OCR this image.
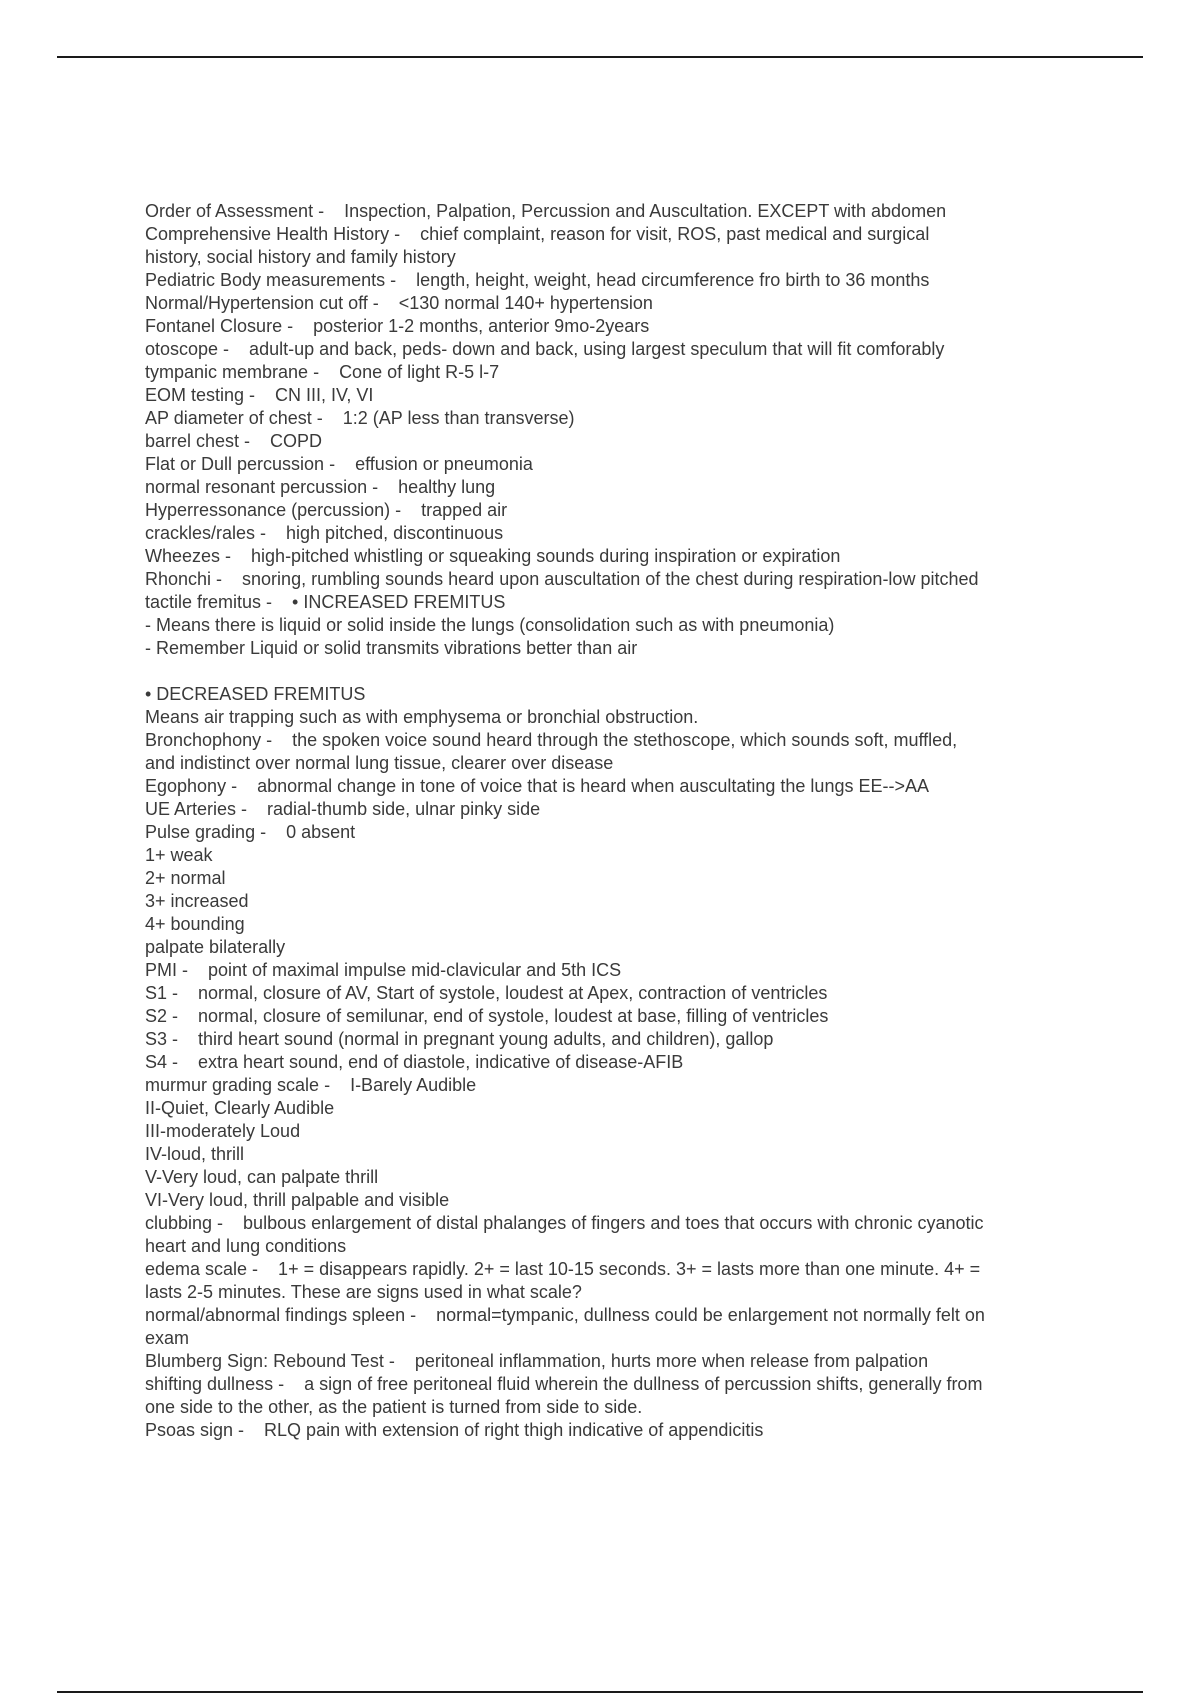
Order of Assessment -    Inspection, Palpation, Percussion and Auscultation. EXCEPT with abdomen
Comprehensive Health History -    chief complaint, reason for visit, ROS, past medical and surgical
history, social history and family history
Pediatric Body measurements -    length, height, weight, head circumference fro birth to 36 months
Normal/Hypertension cut off -    <130 normal 140+ hypertension
Fontanel Closure -    posterior 1-2 months, anterior 9mo-2years
otoscope -    adult-up and back, peds- down and back, using largest speculum that will fit comforably
tympanic membrane -    Cone of light R-5 l-7
EOM testing -    CN III, IV, VI
AP diameter of chest -    1:2 (AP less than transverse)
barrel chest -    COPD
Flat or Dull percussion -    effusion or pneumonia
normal resonant percussion -    healthy lung
Hyperressonance (percussion) -    trapped air
crackles/rales -    high pitched, discontinuous
Wheezes -    high-pitched whistling or squeaking sounds during inspiration or expiration
Rhonchi -    snoring, rumbling sounds heard upon auscultation of the chest during respiration-low pitched
tactile fremitus -    • INCREASED FREMITUS
- Means there is liquid or solid inside the lungs (consolidation such as with pneumonia)
- Remember Liquid or solid transmits vibrations better than air
• DECREASED FREMITUS
Means air trapping such as with emphysema or bronchial obstruction.
Bronchophony -    the spoken voice sound heard through the stethoscope, which sounds soft, muffled,
and indistinct over normal lung tissue, clearer over disease
Egophony -    abnormal change in tone of voice that is heard when auscultating the lungs EE-->AA
UE Arteries -    radial-thumb side, ulnar pinky side
Pulse grading -    0 absent
1+ weak
2+ normal
3+ increased
4+ bounding
palpate bilaterally
PMI -    point of maximal impulse mid-clavicular and 5th ICS
S1 -    normal, closure of AV, Start of systole, loudest at Apex, contraction of ventricles
S2 -    normal, closure of semilunar, end of systole, loudest at base, filling of ventricles
S3 -    third heart sound (normal in pregnant young adults, and children), gallop
S4 -    extra heart sound, end of diastole, indicative of disease-AFIB
murmur grading scale -    I-Barely Audible
II-Quiet, Clearly Audible
III-moderately Loud
IV-loud, thrill
V-Very loud, can palpate thrill
VI-Very loud, thrill palpable and visible
clubbing -    bulbous enlargement of distal phalanges of fingers and toes that occurs with chronic cyanotic
heart and lung conditions
edema scale -    1+ = disappears rapidly. 2+ = last 10-15 seconds. 3+ = lasts more than one minute. 4+ =
lasts 2-5 minutes. These are signs used in what scale?
normal/abnormal findings spleen -    normal=tympanic, dullness could be enlargement not normally felt on
exam
Blumberg Sign: Rebound Test -    peritoneal inflammation, hurts more when release from palpation
shifting dullness -    a sign of free peritoneal fluid wherein the dullness of percussion shifts, generally from
one side to the other, as the patient is turned from side to side.
Psoas sign -    RLQ pain with extension of right thigh indicative of appendicitis
